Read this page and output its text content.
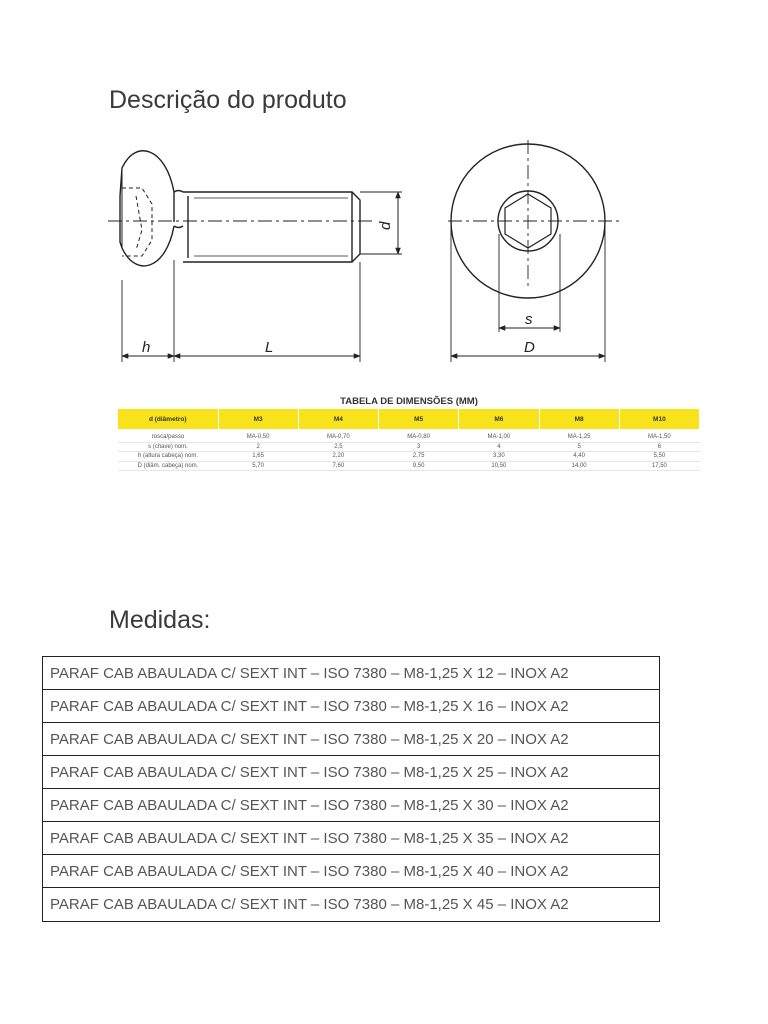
Descrição do produto
h	L
d
s
D
TABELA DE DIMENSÕES (MM)
d (diâmetro)	M3	M4	M5	M6	M8	M10

rosca/passo	MA-0,50	MA-0,70	MA-0,80	MA-1,00	MA-1,25	MA-1,50
s (chave) nom.	2	2,5	3	4	5	6
h (altura cabeça) nom.	1,65	2,20	2,75	3,30	4,40	5,50
D (diâm. cabeça) nom.	5,70	7,60	9,50	10,50	14,00	17,50
Medidas:
PARAF CAB ABAULADA C/ SEXT INT – ISO 7380 – M8-1,25 X 12 – INOX A2
PARAF CAB ABAULADA C/ SEXT INT – ISO 7380 – M8-1,25 X 16 – INOX A2
PARAF CAB ABAULADA C/ SEXT INT – ISO 7380 – M8-1,25 X 20 – INOX A2
PARAF CAB ABAULADA C/ SEXT INT – ISO 7380 – M8-1,25 X 25 – INOX A2
PARAF CAB ABAULADA C/ SEXT INT – ISO 7380 – M8-1,25 X 30 – INOX A2
PARAF CAB ABAULADA C/ SEXT INT – ISO 7380 – M8-1,25 X 35 – INOX A2
PARAF CAB ABAULADA C/ SEXT INT – ISO 7380 – M8-1,25 X 40 – INOX A2
PARAF CAB ABAULADA C/ SEXT INT – ISO 7380 – M8-1,25 X 45 – INOX A2
